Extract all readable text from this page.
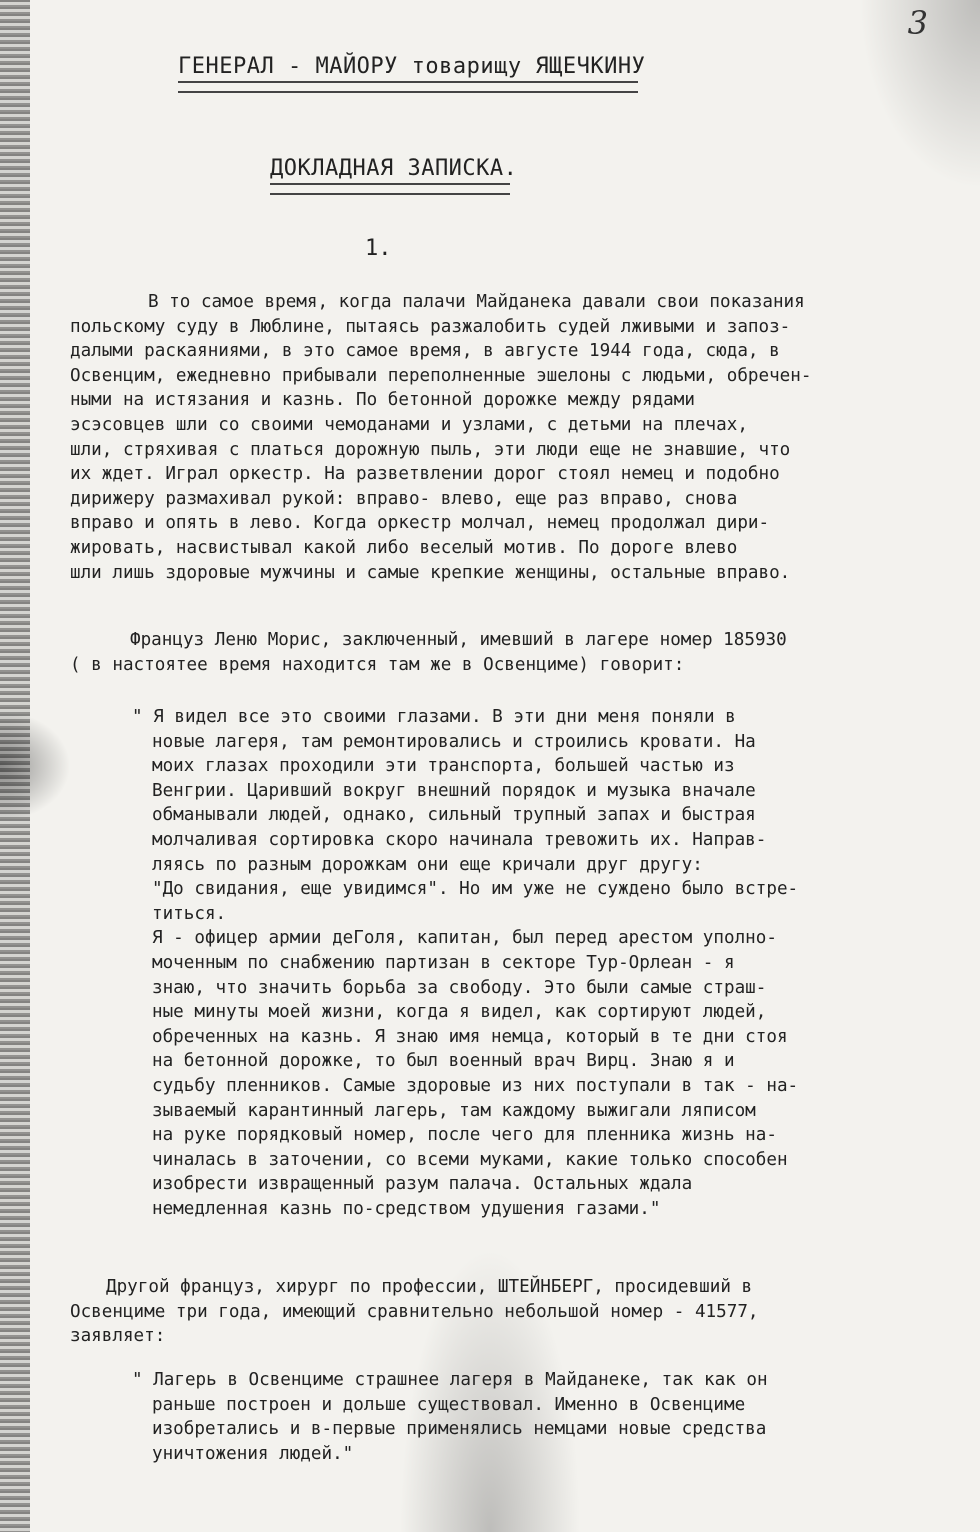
3
ГЕНЕРАЛ - МАЙОРУ товарищу ЯЩЕЧКИНУ
ДОКЛАДНАЯ ЗАПИСКА.
1.
В то самое время, когда палачи Майданека давали свои показания
польскому суду в Люблине, пытаясь разжалобить судей лживыми и запоз-
далыми раскаяниями, в это самое время, в августе 1944 года, сюда, в
Освенцим, ежедневно прибывали переполненные эшелоны с людьми, обречен-
ными на истязания и казнь. По бетонной дорожке между рядами
эсэсовцев шли со своими чемоданами и узлами, с детьми на плечах,
шли, стряхивая с платься дорожную пыль, эти люди еще не знавшие, что
их ждет. Играл оркестр. На разветвлении дорог стоял немец и подобно
дирижеру размахивал рукой: вправо- влево, еще раз вправо, снова
вправо и опять в лево. Когда оркестр молчал, немец продолжал дири-
жировать, насвистывал какой либо веселый мотив. По дороге влево
шли лишь здоровые мужчины и самые крепкие женщины, остальные вправо.
Француз Леню Морис, заключенный, имевший в лагере номер 185930
( в настоятее время находится там же в Освенциме) говорит:
" Я видел все это своими глазами. В эти дни меня поняли в
новые лагеря, там ремонтировались и строились кровати. На
моих глазах проходили эти транспорта, большей частью из
Венгрии. Царивший вокруг внешний порядок и музыка вначале
обманывали людей, однако, сильный трупный запах и быстрая
молчаливая сортировка скоро начинала тревожить их. Направ-
ляясь по разным дорожкам они еще кричали друг другу:
"До свидания, еще увидимся". Но им уже не суждено было встре-
титься.
Я - офицер армии деГоля, капитан, был перед арестом уполно-
моченным по снабжению партизан в секторе Тур-Орлеан - я
знаю, что значить борьба за свободу. Это были самые страш-
ные минуты моей жизни, когда я видел, как сортируют людей,
обреченных на казнь. Я знаю имя немца, который в те дни стоя
на бетонной дорожке, то был военный врач Вирц. Знаю я и
судьбу пленников. Самые здоровые из них поступали в так - на-
зываемый карантинный лагерь, там каждому выжигали ляписом
на руке порядковый номер, после чего для пленника жизнь на-
чиналась в заточении, со всеми муками, какие только способен
изобрести извращенный разум палача. Остальных ждала
немедленная казнь по-средством удушения газами."
Другой француз, хирург по профессии, ШТЕЙНБЕРГ, просидевший в
Освенциме три года, имеющий сравнительно небольшой номер - 41577,
заявляет:
" Лагерь в Освенциме страшнее лагеря в Майданеке, так как он
раньше построен и дольше существовал. Именно в Освенциме
изобретались и в-первые применялись немцами новые средства
уничтожения людей."
